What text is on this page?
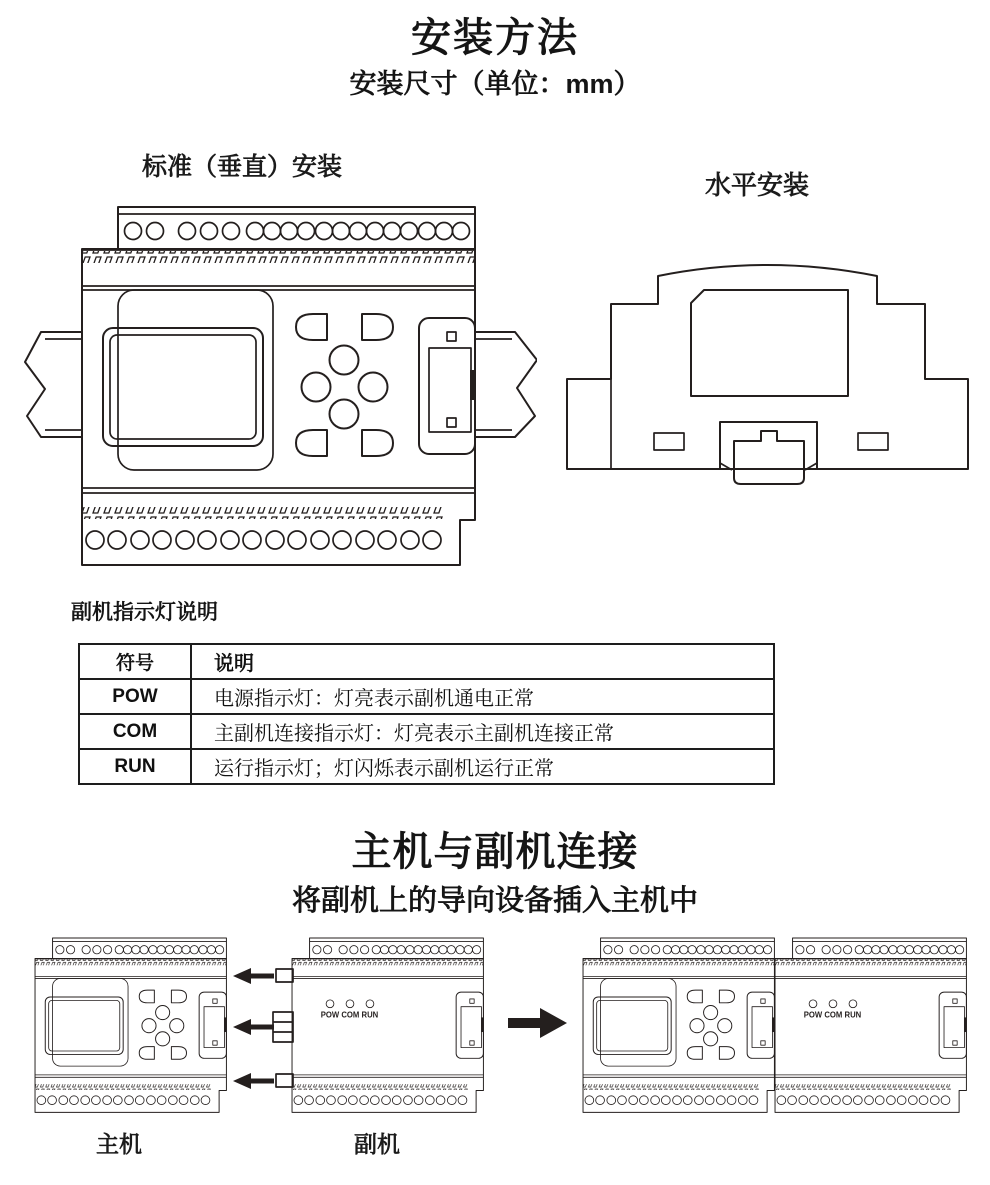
安装方法
安装尺寸（单位：mm）
标准（垂直）安装
水平安装
POW COM RUN
副机指示灯说明
符号	说明
POW	电源指示灯：灯亮表示副机通电正常
COM	主副机连接指示灯：灯亮表示主副机连接正常
RUN	运行指示灯；灯闪烁表示副机运行正常
主机与副机连接
将副机上的导向设备插入主机中
主机	副机
